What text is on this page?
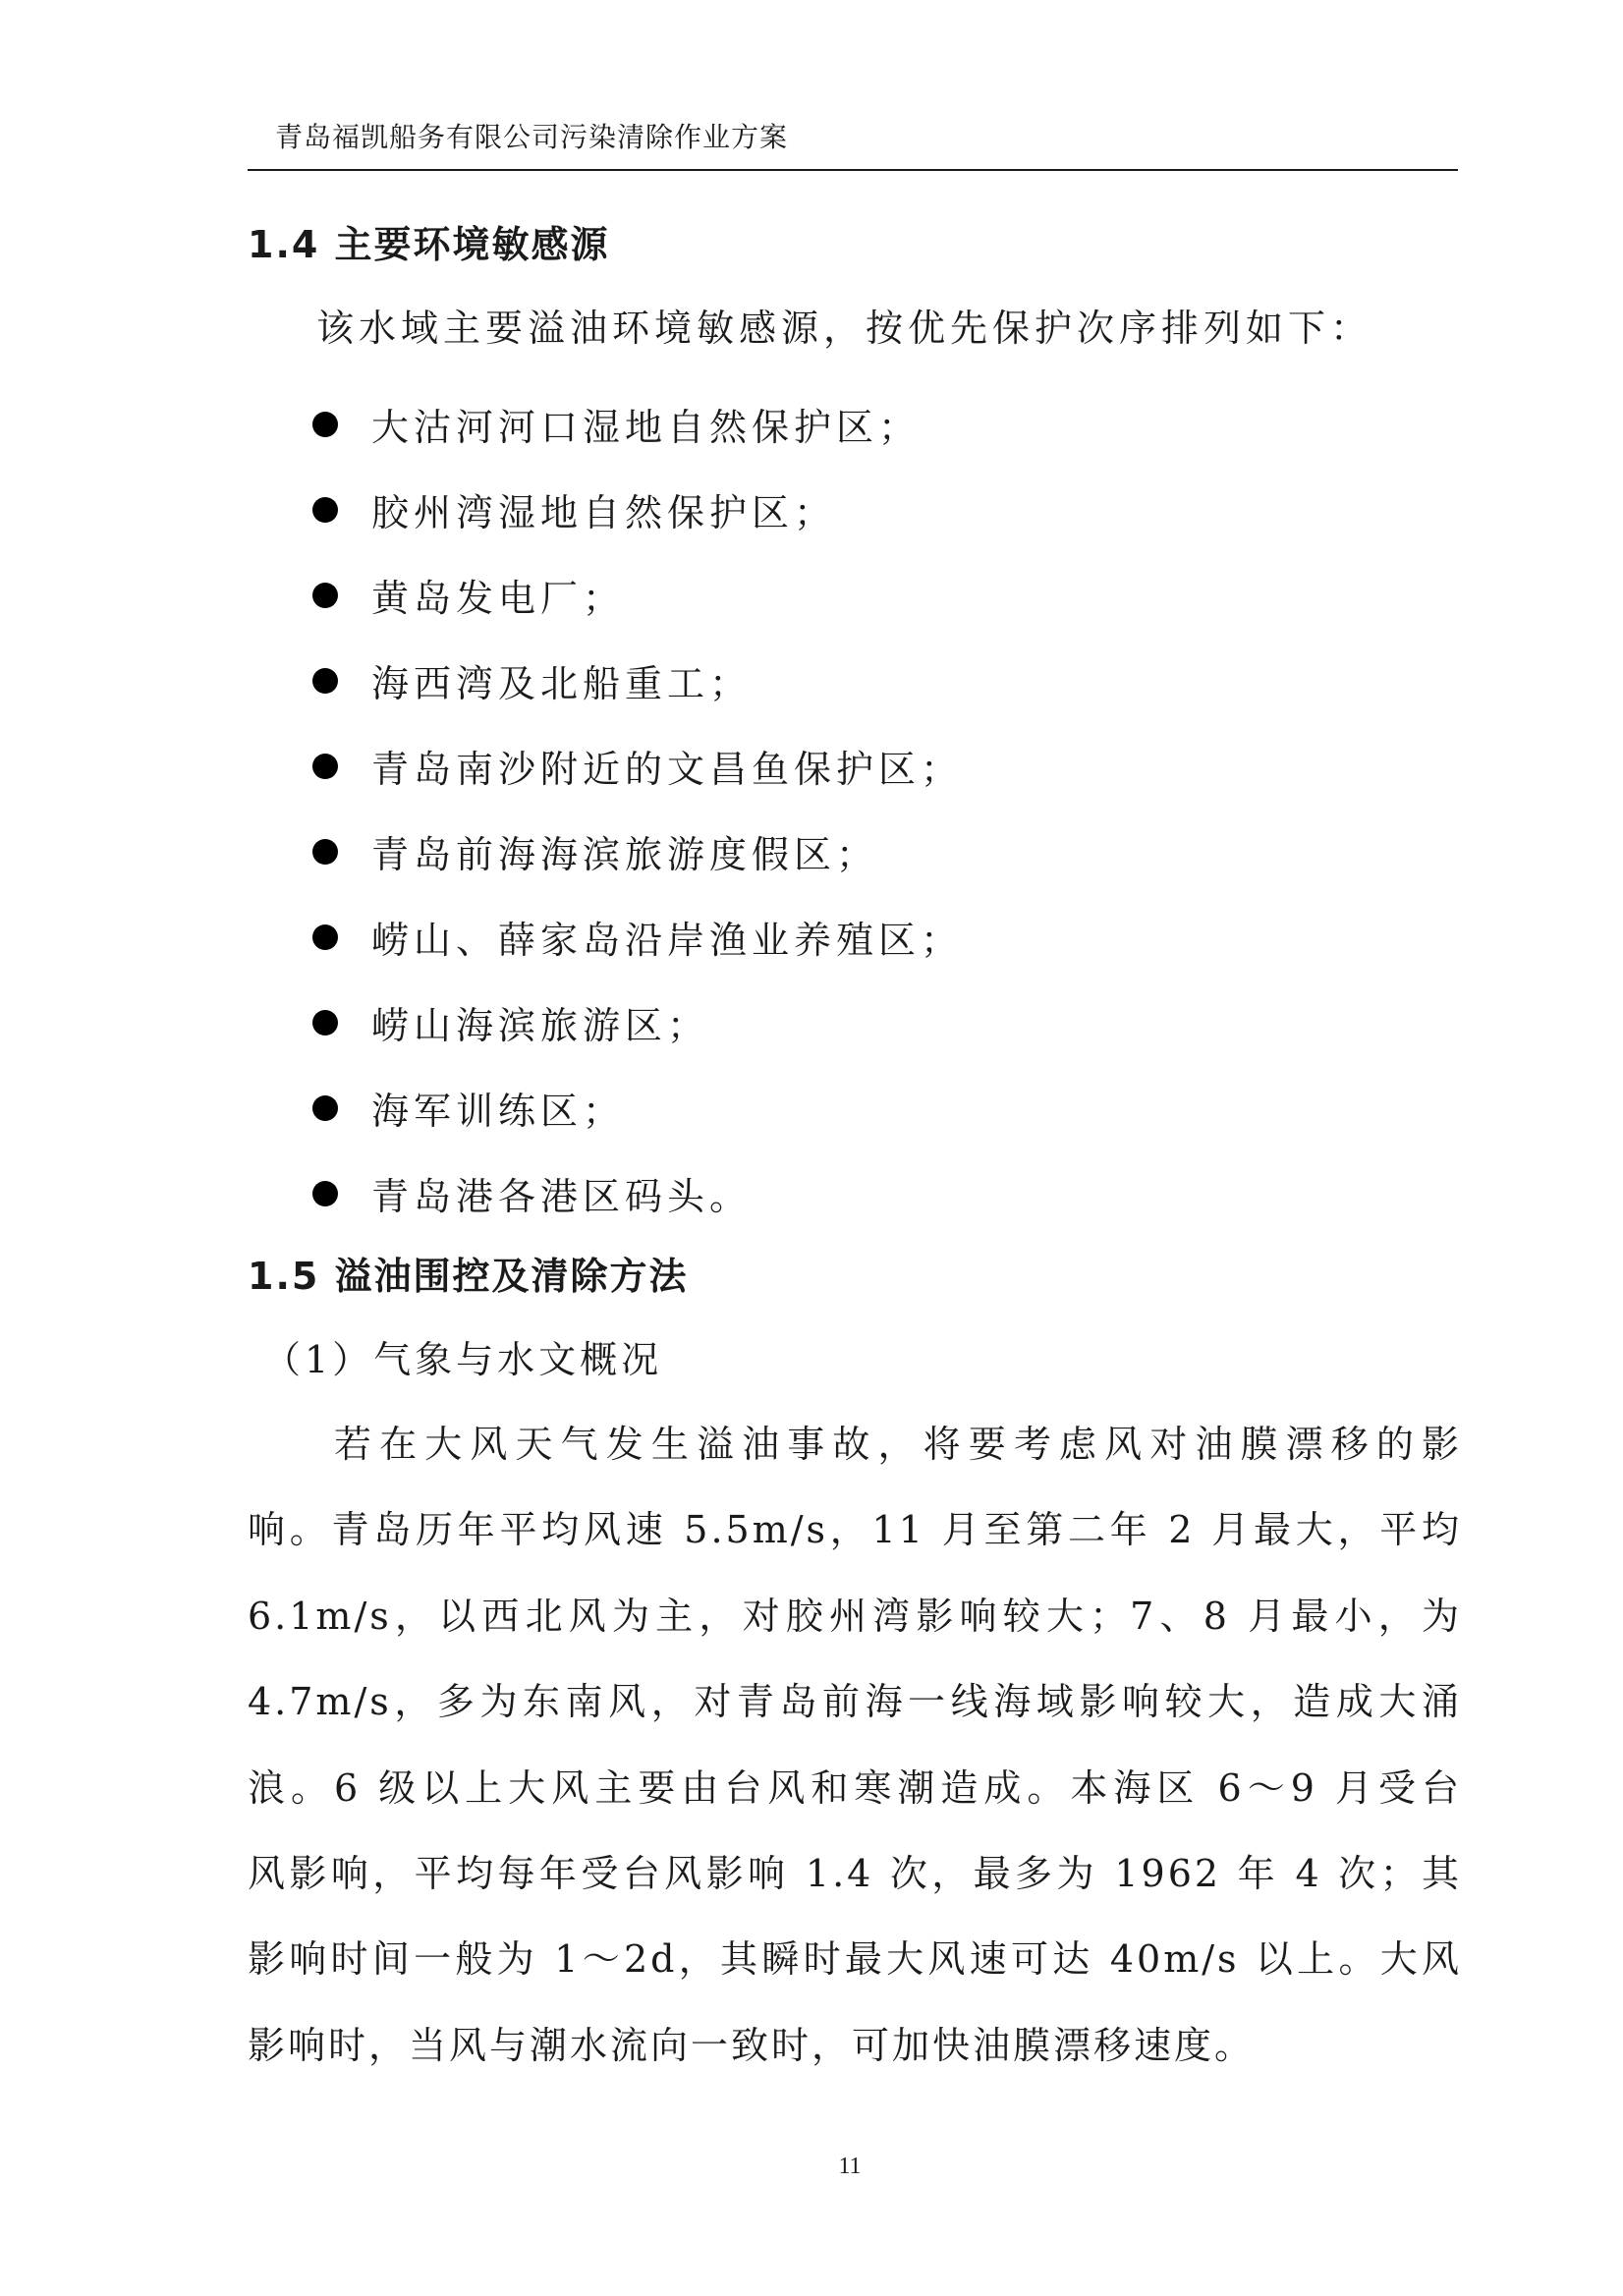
青岛福凯船务有限公司污染清除作业方案
1.4 主要环境敏感源
该水域主要溢油环境敏感源，按优先保护次序排列如下：
大沽河河口湿地自然保护区；
胶州湾湿地自然保护区；
黄岛发电厂；
海西湾及北船重工；
青岛南沙附近的文昌鱼保护区；
青岛前海海滨旅游度假区；
崂山、薛家岛沿岸渔业养殖区；
崂山海滨旅游区；
海军训练区；
青岛港各港区码头。
1.5 溢油围控及清除方法
（1）气象与水文概况
若在大风天气发生溢油事故，将要考虑风对油膜漂移的影
响。青岛历年平均风速 5.5m/s，11 月至第二年 2 月最大，平均
6.1m/s，以西北风为主，对胶州湾影响较大；7、8 月最小，为
4.7m/s，多为东南风，对青岛前海一线海域影响较大，造成大涌
浪。6 级以上大风主要由台风和寒潮造成。本海区 6～9 月受台
风影响，平均每年受台风影响 1.4 次，最多为 1962 年 4 次；其
影响时间一般为 1～2d，其瞬时最大风速可达 40m/s 以上。大风
影响时，当风与潮水流向一致时，可加快油膜漂移速度。
11
